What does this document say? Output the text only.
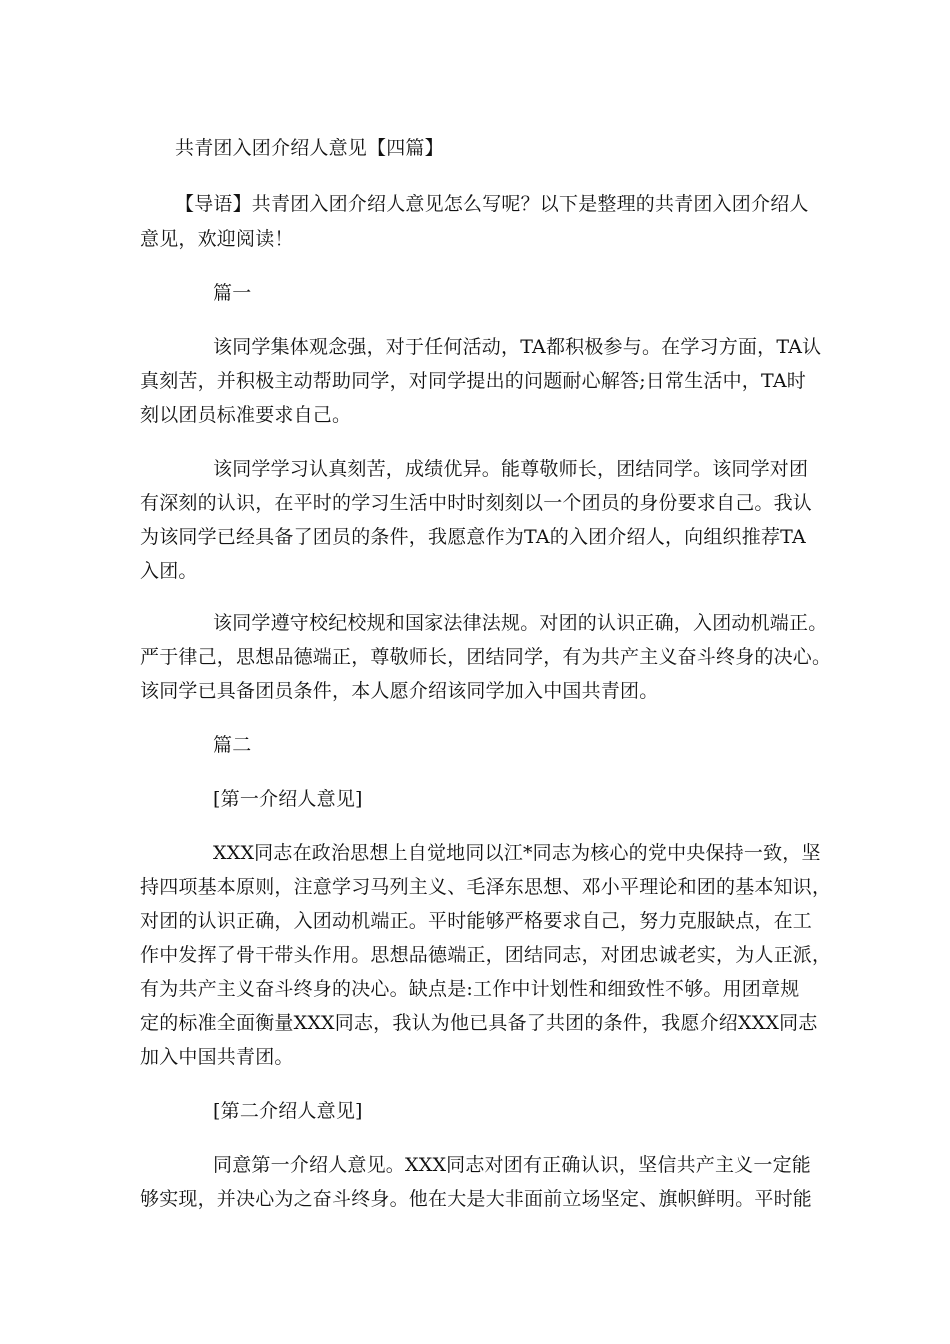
共青团入团介绍人意见【四篇】
【导语】共青团入团介绍人意见怎么写呢？以下是整理的共青团入团介绍人
意见，欢迎阅读！
篇一
该同学集体观念强，对于任何活动，TA都积极参与。在学习方面，TA认
真刻苦，并积极主动帮助同学，对同学提出的问题耐心解答;日常生活中，TA时
刻以团员标准要求自己。
该同学学习认真刻苦，成绩优异。能尊敬师长，团结同学。该同学对团
有深刻的认识，在平时的学习生活中时时刻刻以一个团员的身份要求自己。我认
为该同学已经具备了团员的条件，我愿意作为TA的入团介绍人，向组织推荐TA
入团。
该同学遵守校纪校规和国家法律法规。对团的认识正确，入团动机端正。
严于律己，思想品德端正，尊敬师长，团结同学，有为共产主义奋斗终身的决心。
该同学已具备团员条件，本人愿介绍该同学加入中国共青团。
篇二
[第一介绍人意见]
XXX同志在政治思想上自觉地同以江*同志为核心的党中央保持一致，坚
持四项基本原则，注意学习马列主义、毛泽东思想、邓小平理论和团的基本知识，
对团的认识正确，入团动机端正。平时能够严格要求自己，努力克服缺点，在工
作中发挥了骨干带头作用。思想品德端正，团结同志，对团忠诚老实，为人正派，
有为共产主义奋斗终身的决心。缺点是:工作中计划性和细致性不够。用团章规
定的标准全面衡量XXX同志，我认为他已具备了共团的条件，我愿介绍XXX同志
加入中国共青团。
[第二介绍人意见]
同意第一介绍人意见。XXX同志对团有正确认识，坚信共产主义一定能
够实现，并决心为之奋斗终身。他在大是大非面前立场坚定、旗帜鲜明。平时能
